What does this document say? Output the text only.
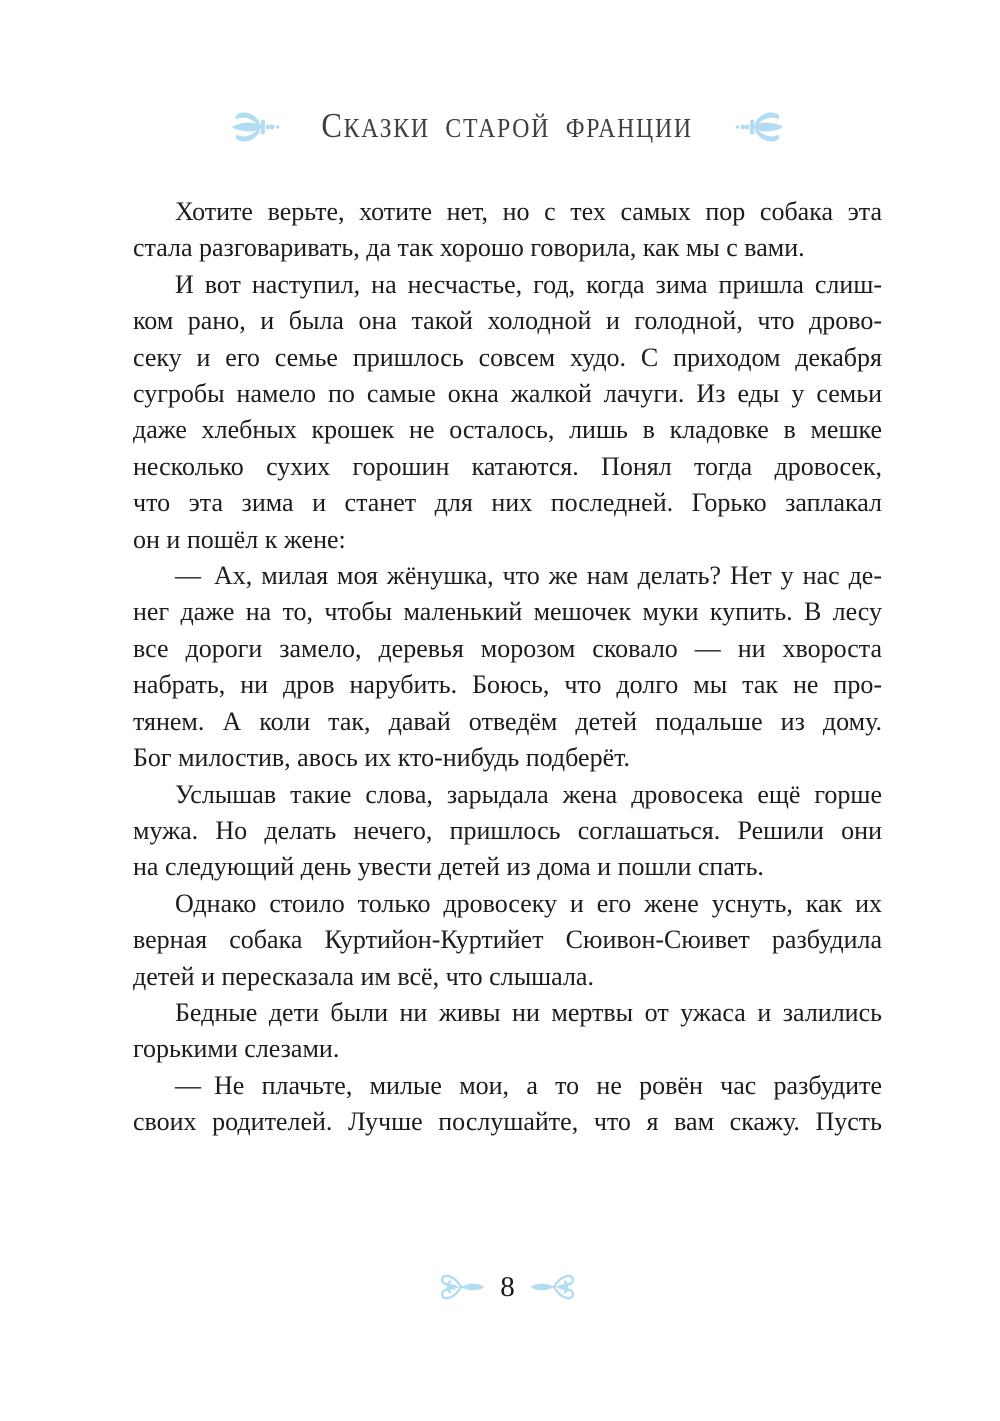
СКАЗКИ СТАРОЙ ФРАНЦИИ
Хотите верьте, хотите нет, но с тех самых пор собака эта
стала разговаривать, да так хорошо говорила, как мы с вами.
И вот наступил, на несчастье, год, когда зима пришла слиш-
ком рано, и была она такой холодной и голодной, что дрово-
секу и его семье пришлось совсем худо. С приходом декабря
сугробы намело по самые окна жалкой лачуги. Из еды у семьи
даже хлебных крошек не осталось, лишь в кладовке в мешке
несколько сухих горошин катаются. Понял тогда дровосек,
что эта зима и станет для них последней. Горько заплакал
он и пошёл к жене:
— Ах, милая моя жёнушка, что же нам делать? Нет у нас де-
нег даже на то, чтобы маленький мешочек муки купить. В лесу
все дороги замело, деревья морозом сковало — ни хвороста
набрать, ни дров нарубить. Боюсь, что долго мы так не про-
тянем. А коли так, давай отведём детей подальше из дому.
Бог милостив, авось их кто-нибудь подберёт.
Услышав такие слова, зарыдала жена дровосека ещё горше
мужа. Но делать нечего, пришлось соглашаться. Решили они
на следующий день увести детей из дома и пошли спать.
Однако стоило только дровосеку и его жене уснуть, как их
верная собака Куртийон-Куртийет Сюивон-Сюивет разбудила
детей и пересказала им всё, что слышала.
Бедные дети были ни живы ни мертвы от ужаса и залились
горькими слезами.
— Не плачьте, милые мои, а то не ровён час разбудите
своих родителей. Лучше послушайте, что я вам скажу. Пусть
8
